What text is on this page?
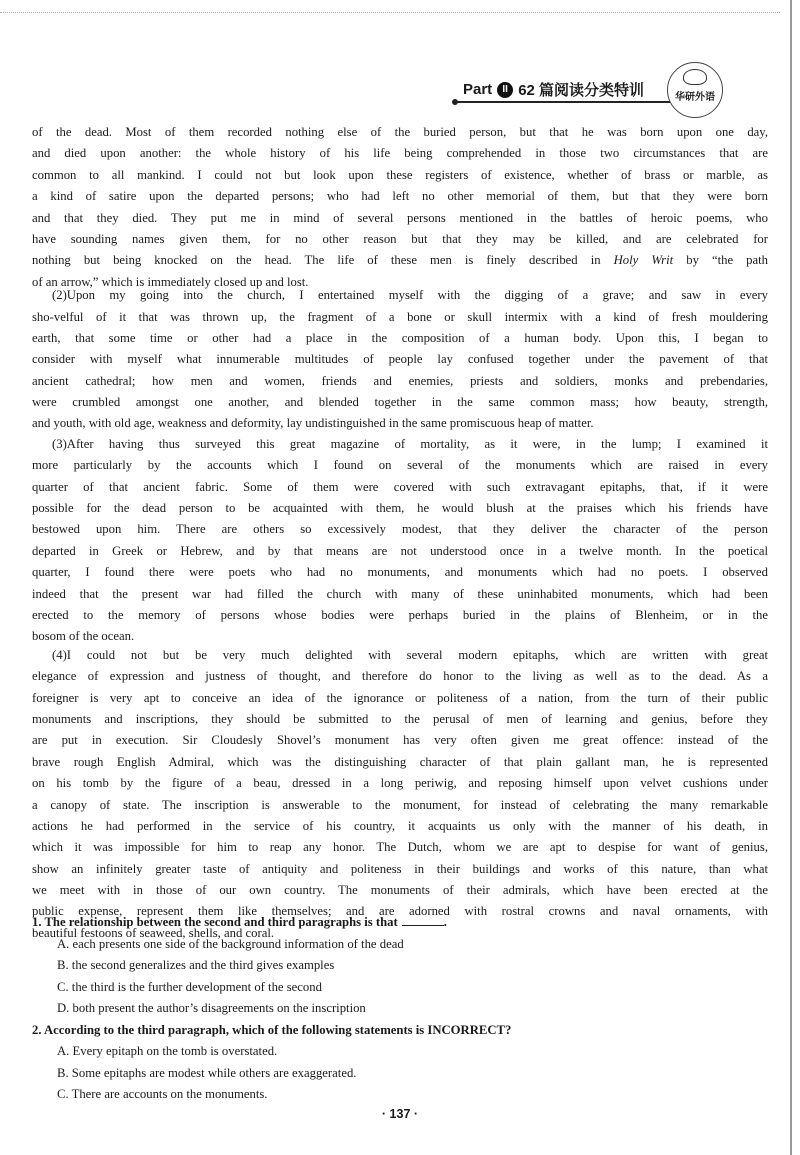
Part	II 62 篇阅读分类特训	华研外语
of the dead. Most of them recorded nothing else of the buried person, but that he was born upon one day,
and died upon another: the whole history of his life being comprehended in those two circumstances that are
common to all mankind. I could not but look upon these registers of existence, whether of brass or marble, as
a kind of satire upon the departed persons; who had left no other memorial of them, but that they were born
and that they died. They put me in mind of several persons mentioned in the battles of heroic poems, who
have sounding names given them, for no other reason but that they may be killed, and are celebrated for
nothing but being knocked on the head. The life of these men is finely described in Holy Writ by “the path
of an arrow,” which is immediately closed up and lost.
(2)Upon my going into the church, I entertained myself with the digging of a grave; and saw in every
sho-velful of it that was thrown up, the fragment of a bone or skull intermix with a kind of fresh mouldering
earth, that some time or other had a place in the composition of a human body. Upon this, I began to
consider with myself what innumerable multitudes of people lay confused together under the pavement of that
ancient cathedral; how men and women, friends and enemies, priests and soldiers, monks and prebendaries,
were crumbled amongst one another, and blended together in the same common mass; how beauty, strength,
and youth, with old age, weakness and deformity, lay undistinguished in the same promiscuous heap of matter.
(3)After having thus surveyed this great magazine of mortality, as it were, in the lump; I examined it
more particularly by the accounts which I found on several of the monuments which are raised in every
quarter of that ancient fabric. Some of them were covered with such extravagant epitaphs, that, if it were
possible for the dead person to be acquainted with them, he would blush at the praises which his friends have
bestowed upon him. There are others so excessively modest, that they deliver the character of the person
departed in Greek or Hebrew, and by that means are not understood once in a twelve month. In the poetical
quarter, I found there were poets who had no monuments, and monuments which had no poets. I observed
indeed that the present war had filled the church with many of these uninhabited monuments, which had been
erected to the memory of persons whose bodies were perhaps buried in the plains of Blenheim, or in the
bosom of the ocean.
(4)I could not but be very much delighted with several modern epitaphs, which are written with great
elegance of expression and justness of thought, and therefore do honor to the living as well as to the dead. As a
foreigner is very apt to conceive an idea of the ignorance or politeness of a nation, from the turn of their public
monuments and inscriptions, they should be submitted to the perusal of men of learning and genius, before they
are put in execution. Sir Cloudesly Shovel’s monument has very often given me great offence: instead of the
brave rough English Admiral, which was the distinguishing character of that plain gallant man, he is represented
on his tomb by the figure of a beau, dressed in a long periwig, and reposing himself upon velvet cushions under
a canopy of state. The inscription is answerable to the monument, for instead of celebrating the many remarkable
actions he had performed in the service of his country, it acquaints us only with the manner of his death, in
which it was impossible for him to reap any honor. The Dutch, whom we are apt to despise for want of genius,
show an infinitely greater taste of antiquity and politeness in their buildings and works of this nature, than what
we meet with in those of our own country. The monuments of their admirals, which have been erected at the
public expense, represent them like themselves; and are adorned with rostral crowns and naval ornaments, with
beautiful festoons of seaweed, shells, and coral.
1. The relationship between the second and third paragraphs is that	.
A. each presents one side of the background information of the dead
B. the second generalizes and the third gives examples
C. the third is the further development of the second
D. both present the author’s disagreements on the inscription
2. According to the third paragraph, which of the following statements is INCORRECT?
A. Every epitaph on the tomb is overstated.
B. Some epitaphs are modest while others are exaggerated.
C. There are accounts on the monuments.
· 137 ·
